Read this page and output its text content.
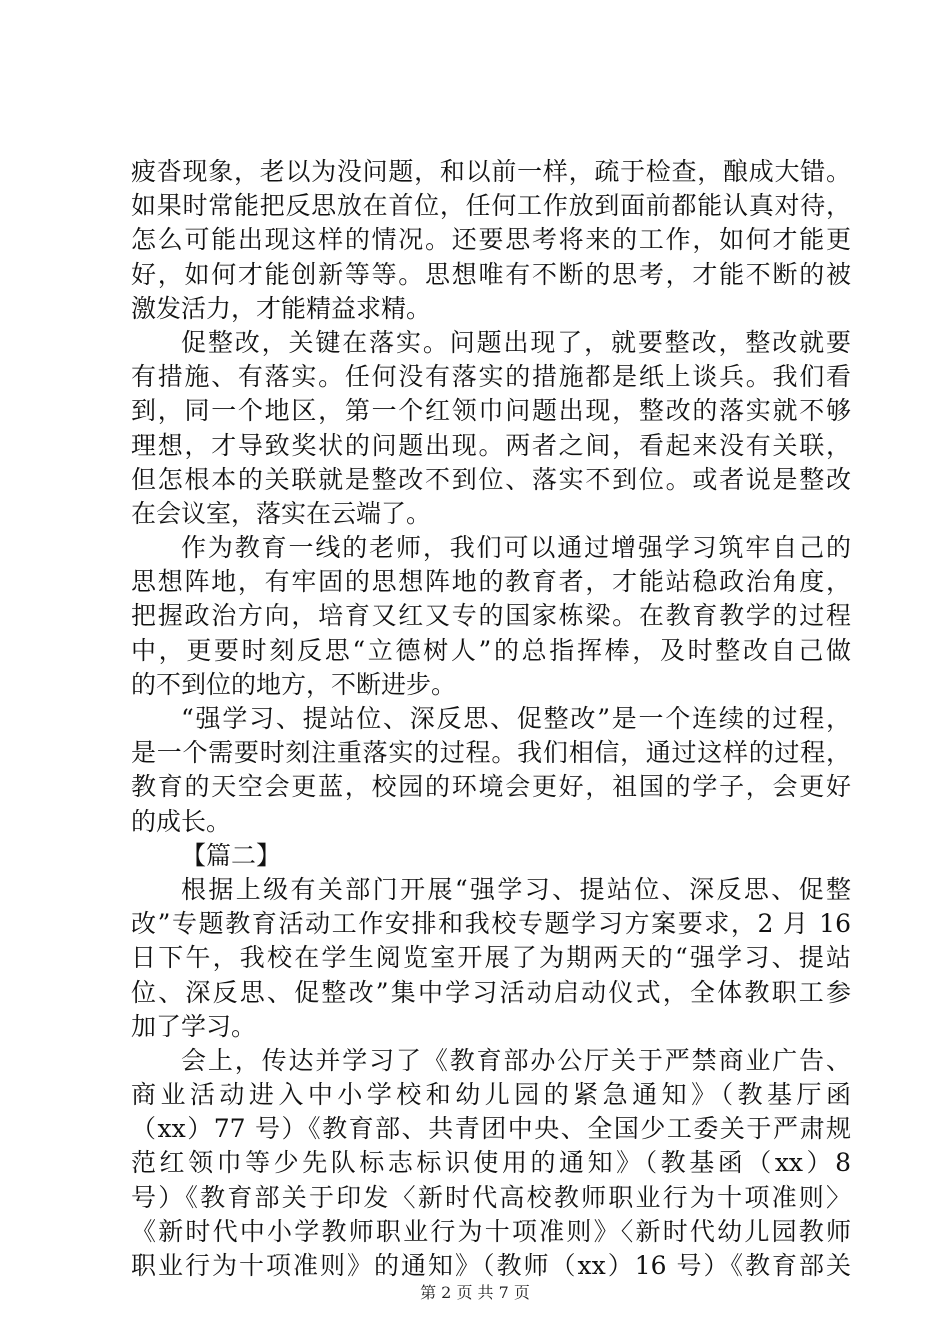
疲沓现象，老以为没问题，和以前一样，疏于检查，酿成大错。
如果时常能把反思放在首位，任何工作放到面前都能认真对待，
怎么可能出现这样的情况。还要思考将来的工作，如何才能更
好，如何才能创新等等。思想唯有不断的思考，才能不断的被
激发活力，才能精益求精。
促整改，关键在落实。问题出现了，就要整改，整改就要
有措施、有落实。任何没有落实的措施都是纸上谈兵。我们看
到，同一个地区，第一个红领巾问题出现，整改的落实就不够
理想，才导致奖状的问题出现。两者之间，看起来没有关联，
但怎根本的关联就是整改不到位、落实不到位。或者说是整改
在会议室，落实在云端了。
作为教育一线的老师，我们可以通过增强学习筑牢自己的
思想阵地，有牢固的思想阵地的教育者，才能站稳政治角度，
把握政治方向，培育又红又专的国家栋梁。在教育教学的过程
中，更要时刻反思“立德树人”的总指挥棒，及时整改自己做
的不到位的地方，不断进步。
“强学习、提站位、深反思、促整改”是一个连续的过程，
是一个需要时刻注重落实的过程。我们相信，通过这样的过程，
教育的天空会更蓝，校园的环境会更好，祖国的学子，会更好
的成长。
【篇二】
根据上级有关部门开展“强学习、提站位、深反思、促整
改”专题教育活动工作安排和我校专题学习方案要求，2 月 16
日下午，我校在学生阅览室开展了为期两天的“强学习、提站
位、深反思、促整改”集中学习活动启动仪式，全体教职工参
加了学习。
会上，传达并学习了《教育部办公厅关于严禁商业广告、
商业活动进入中小学校和幼儿园的紧急通知》（教基厅函
（xx）77 号）《教育部、共青团中央、全国少工委关于严肃规
范红领巾等少先队标志标识使用的通知》（教基函（xx）8
号）《教育部关于印发〈新时代高校教师职业行为十项准则〉
《新时代中小学教师职业行为十项准则》〈新时代幼儿园教师
职业行为十项准则》的通知》（教师（xx）16 号）《教育部关
第 2 页 共 7 页
